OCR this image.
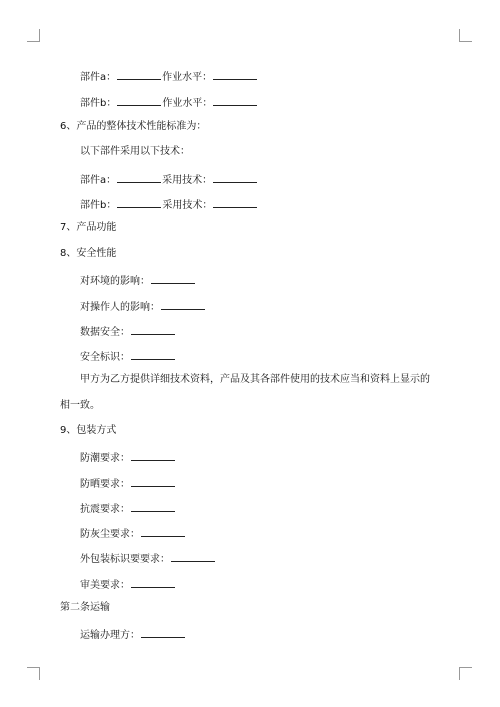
部件a：	作业水平：
部件b：	作业水平：
6、产品的整体技术性能标准为：
以下部件采用以下技术：
部件a：	采用技术：
部件b：	采用技术：
7、产品功能
8、安全性能
对环境的影响：
对操作人的影响：
数据安全：
安全标识：
甲方为乙方提供详细技术资料，产品及其各部件使用的技术应当和资料上显示的
相一致。
9、包装方式
防潮要求：
防晒要求：
抗震要求：
防灰尘要求：
外包装标识要要求：
审美要求：
第二条运输
运输办理方：
